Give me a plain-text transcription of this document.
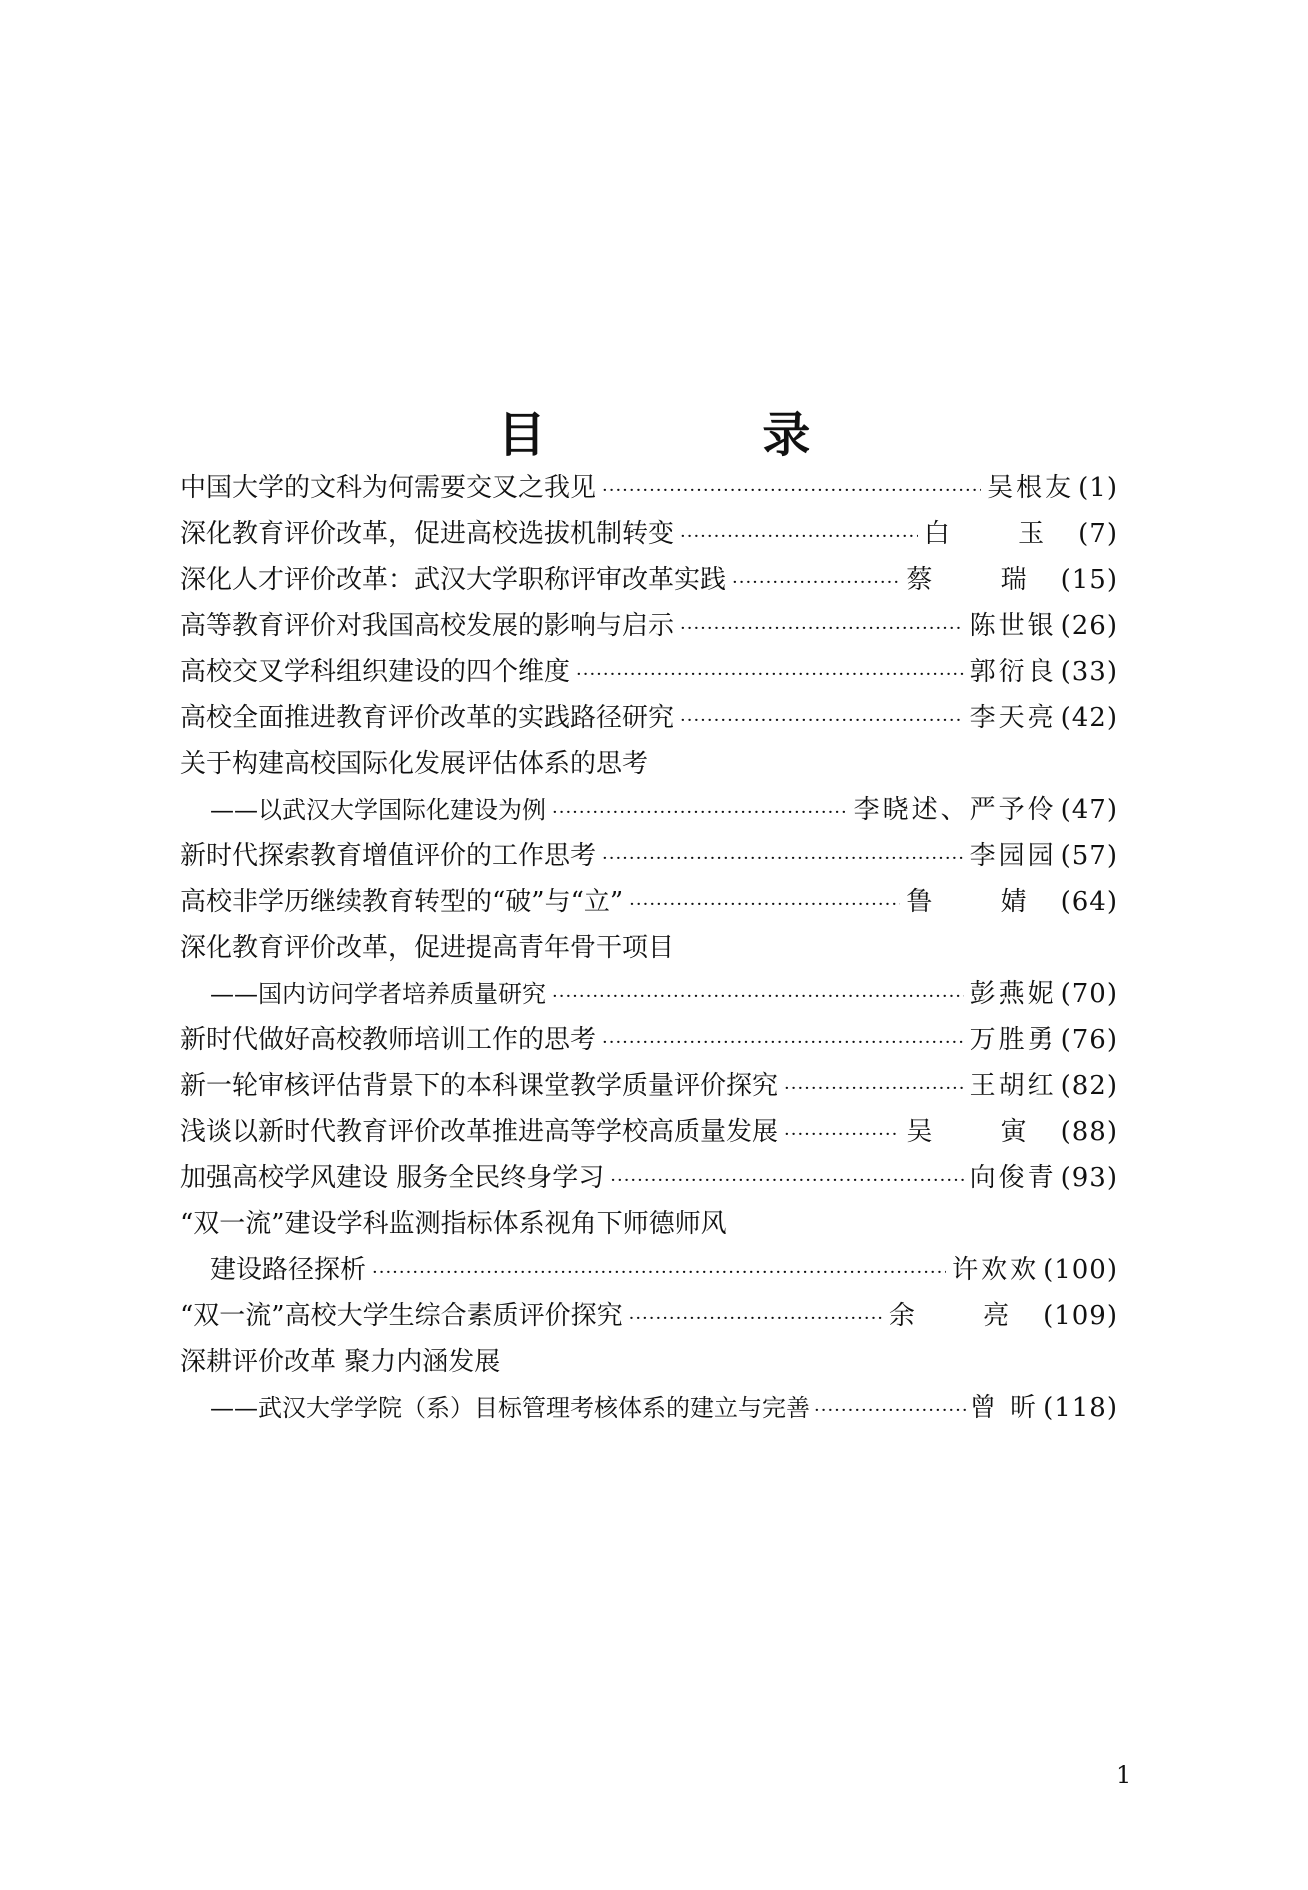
目 录
中国大学的文科为何需要交叉之我见 ·····	吴根友 (1)
深化教育评价改革，促进高校选拔机制转变 ·····	白 玉 (7)
深化人才评价改革：武汉大学职称评审改革实践 ·····	蔡 瑞 (15)
高等教育评价对我国高校发展的影响与启示 ·····	陈世银 (26)
高校交叉学科组织建设的四个维度 ·····	郭衍良 (33)
高校全面推进教育评价改革的实践路径研究 ·····	李天亮 (42)
关于构建高校国际化发展评估体系的思考
——以武汉大学国际化建设为例 ·····	李晓述、严予伶 (47)
新时代探索教育增值评价的工作思考 ·····	李园园 (57)
高校非学历继续教育转型的“破”与“立” ·····	鲁 婧 (64)
深化教育评价改革，促进提高青年骨干项目
——国内访问学者培养质量研究 ·····	彭燕妮 (70)
新时代做好高校教师培训工作的思考 ·····	万胜勇 (76)
新一轮审核评估背景下的本科课堂教学质量评价探究 ·····	王胡红 (82)
浅谈以新时代教育评价改革推进高等学校高质量发展 ·····	吴 寅 (88)
加强高校学风建设 服务全民终身学习 ·····	向俊青 (93)
“双一流”建设学科监测指标体系视角下师德师风
建设路径探析 ·····	许欢欢 (100)
“双一流”高校大学生综合素质评价探究 ·····	余 亮 (109)
深耕评价改革 聚力内涵发展
——武汉大学学院（系）目标管理考核体系的建立与完善 ·····	曾 昕 (118)
1
